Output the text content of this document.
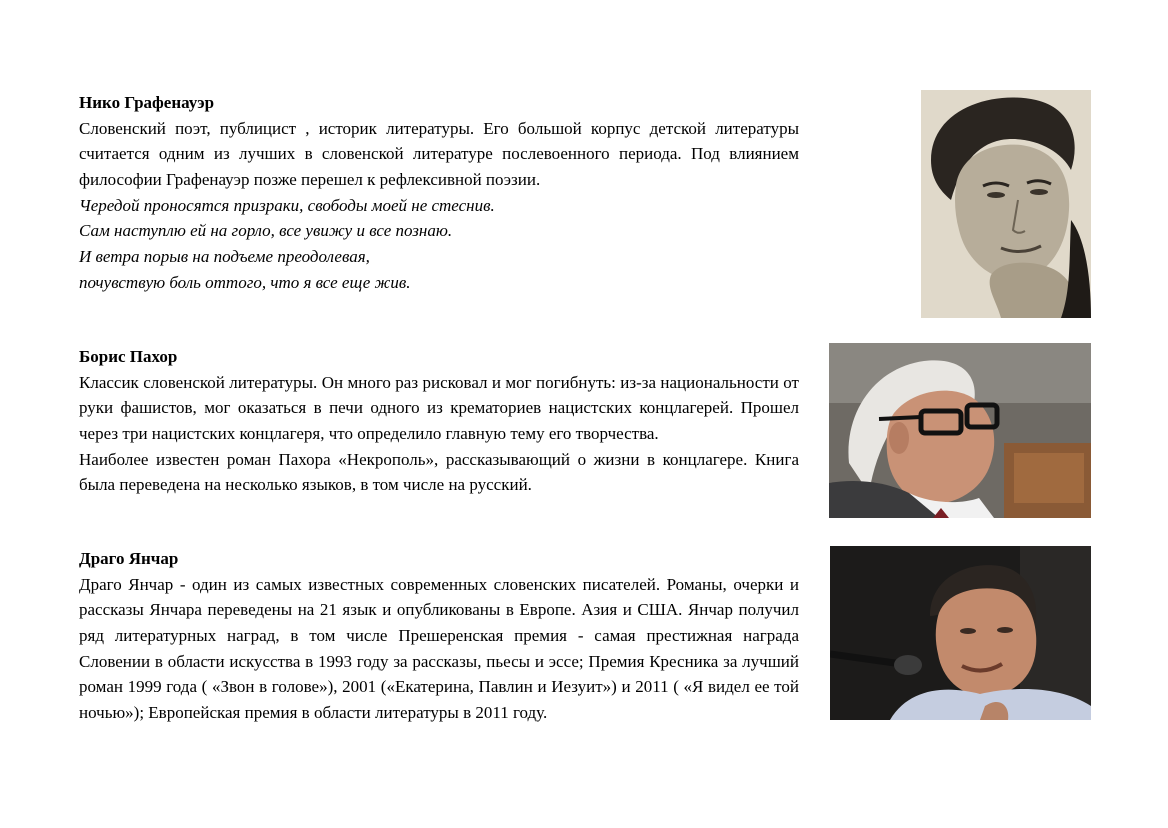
Нико Графенауэр
Словенский поэт, публицист , историк литературы. Его большой корпус детской литературы считается одним из лучших в словенской литературе послевоенного периода. Под влиянием философии Графенауэр позже перешел к рефлексивной поэзии.
Чередой проносятся призраки, свободы моей не стеснив.
Сам наступлю ей на горло, все увижу и все познаю.
И ветра порыв на подъеме преодолевая,
почувствую боль оттого, что я все еще жив.
Борис Пахор
Классик словенской литературы. Он много раз рисковал и мог погибнуть: из-за национальности от руки фашистов, мог оказаться в печи одного из крематориев нацистских концлагерей. Прошел через три нацистских концлагеря, что определило главную тему его творчества.
Наиболее известен роман Пахора «Некрополь», рассказывающий о жизни в концлагере. Книга была переведена на несколько языков, в том числе на русский.
Драго Янчар
Драго Янчар - один из самых известных современных словенских писателей. Романы, очерки и рассказы Янчара переведены на 21 язык и опубликованы в Европе. Азия и США. Янчар получил ряд литературных наград, в том числе Прешеренская премия - самая престижная награда Словении в области искусства в 1993 году за рассказы, пьесы и эссе; Премия Кресника за лучший роман 1999 года ( «Звон в голове»), 2001 («Екатерина, Павлин и Иезуит») и 2011 ( «Я видел ее той ночью»); Европейская премия в области литературы в 2011 году.
